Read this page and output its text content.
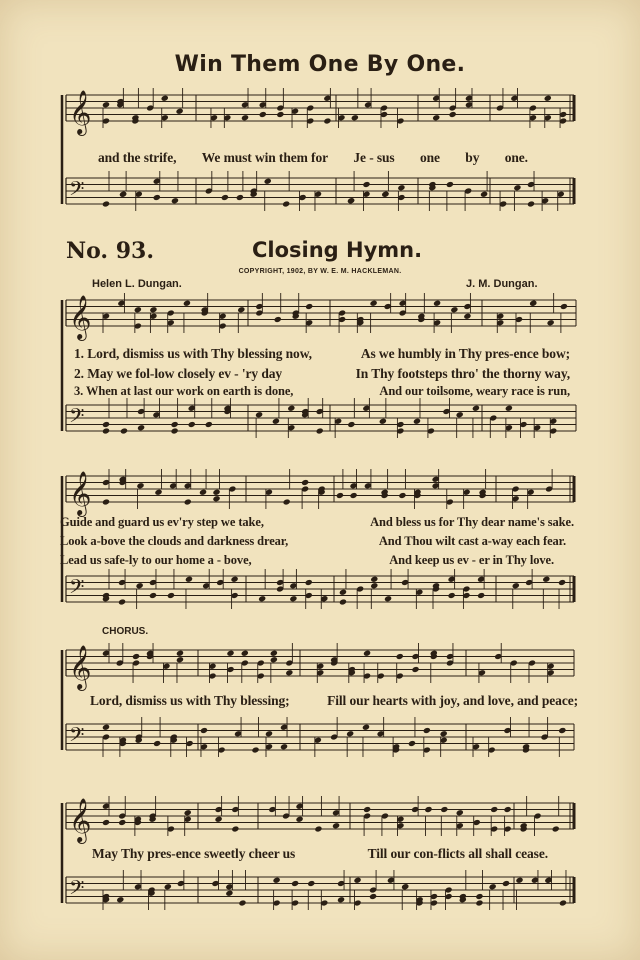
Win Them One By One.
𝄞
𝄢
𝄞
𝄢
𝄞
𝄢
𝄞
𝄢
𝄞
𝄢
and the strife, We must win them for Je - sus one by one.
No. 93.	Closing Hymn.
COPYRIGHT, 1902, BY W. E. M. HACKLEMAN.
Helen L. Dungan.	J. M. Dungan.
1. Lord, dismiss us with Thy blessing now,	As we humbly in Thy pres-ence bow;
2. May we fol-low closely ev - 'ry day	In Thy footsteps thro' the thorny way,
3. When at last our work on earth is done,	And our toilsome, weary race is run,
Guide and guard us ev'ry step we take,	And bless us for Thy dear name's sake.
Look a-bove the clouds and darkness drear,	And Thou wilt cast a-way each fear.
Lead us safe-ly to our home a - bove,	And keep us ev - er in Thy love.
CHORUS.
Lord, dismiss us with Thy blessing;	Fill our hearts with joy, and love, and peace;
May Thy pres-ence sweetly cheer us	Till our con-flicts all shall cease.
